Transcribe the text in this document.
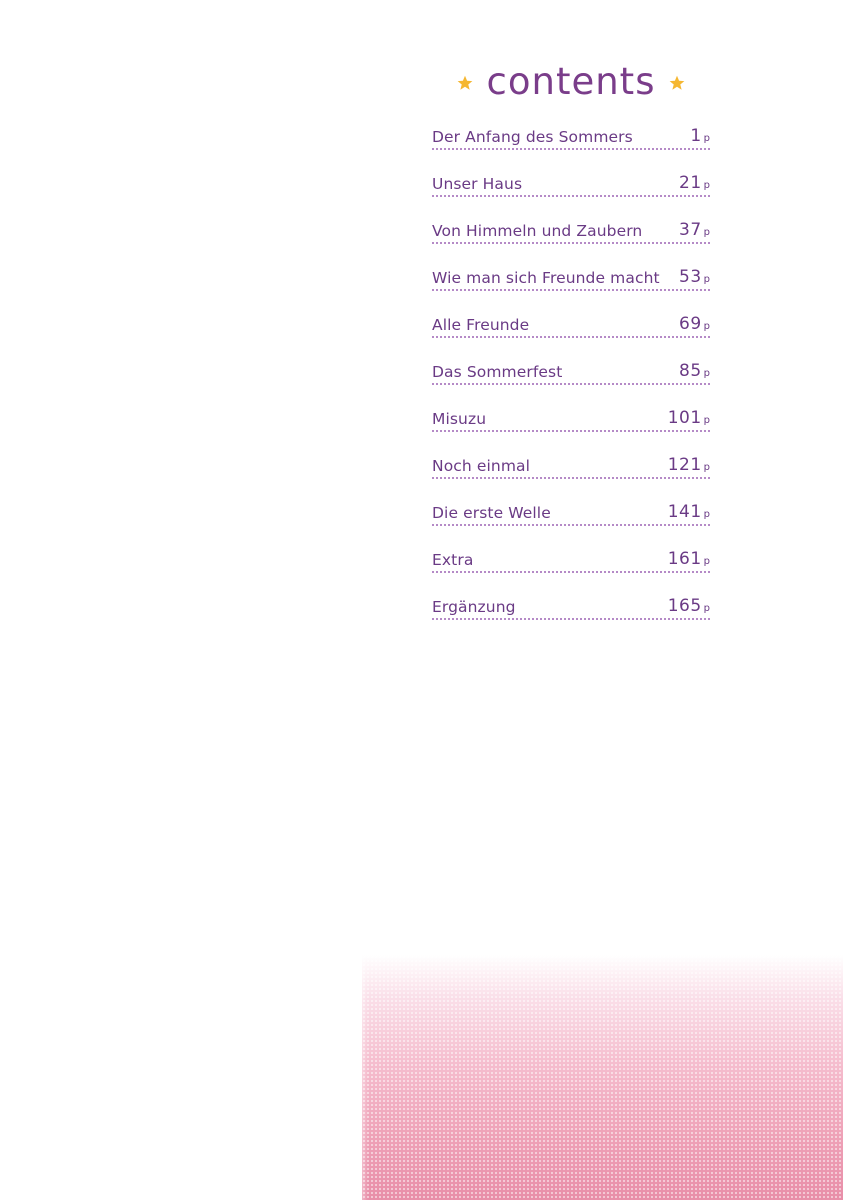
contents
Der Anfang des Sommers	1 p
Unser Haus	21 p
Von Himmeln und Zaubern 37 p
Wie man sich Freunde macht 53 p
Alle Freunde	69 p
Das Sommerfest	85 p
Misuzu	101 p
Noch einmal	121 p
Die erste Welle	141 p
Extra	161 p
Ergänzung	165 p
